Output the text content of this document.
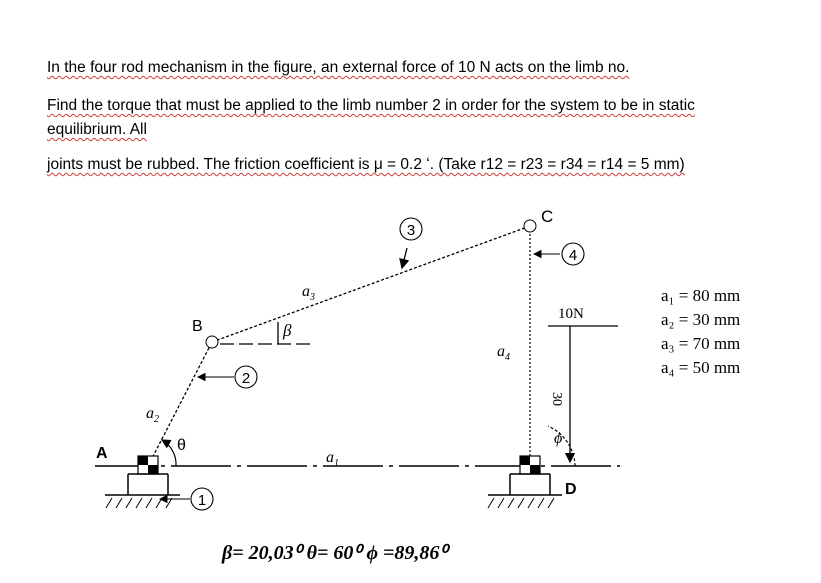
In the four rod mechanism in the figure, an external force of 10 N acts on the limb no.

Find the torque that must be applied to the limb number 2 in order for the system to be in static

equilibrium. All

joints must be rubbed. The friction coefficient is μ = 0.2 ʻ. (Take r12 = r23 = r34 = r14 = 5 mm)

1
2
3
4
A
B
C
D
$a_1$
$a_2$
$a_3$
$a_4$
θ
β
ϕ
10N
30
a₁ = 80 mm
a₂ = 30 mm
a₃ = 70 mm
a₄ = 50 mm

β= 20,03⁰ θ= 60⁰ ϕ =89,86⁰
